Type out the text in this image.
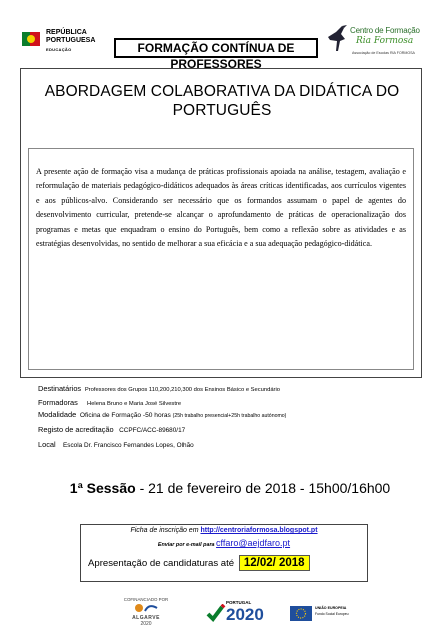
REPÚBLICA
PORTUGUESA
EDUCAÇÃO	FORMAÇÃO CONTÍNUA DE PROFESSORES
Centro de Formação
Ria Formosa
Associação de Escolas RIA FORMOSA
ABORDAGEM COLABORATIVA DA DIDÁTICA DO PORTUGUÊS
A presente ação de formação visa a mudança de práticas profissionais apoiada na análise, testagem, avaliação e reformulação de materiais pedagógico-didáticos adequados às áreas críticas identificadas, aos currículos vigentes e aos públicos-alvo. Considerando ser necessário que os formandos assumam o papel de agentes do desenvolvimento curricular, pretende-se alcançar o aprofundamento de práticas de operacionalização dos programas e metas que enquadram o ensino do Português, bem como a reflexão sobre as atividades e as estratégias desenvolvidas, no sentido de melhorar a sua eficácia e a sua adequação pedagógico-didática.
Destinatários Professores dos Grupos 110,200,210,300 dos Ensinos Básico e Secundário
Formadoras Helena Bruno e Maria José Silvestre
Modalidade Oficina de Formação -50 horas (25h trabalho presencial+25h trabalho autónomo)
Registo de acreditação CCPFC/ACC-89680/17
Local Escola Dr. Francisco Fernandes Lopes, Olhão
1ª Sessão - 21 de fevereiro de 2018 - 15h00/16h00
Ficha de inscrição em http://centroriaformosa.blogspot.pt
Enviar por e-mail para cffaro@aejdfaro.pt
Apresentação de candidaturas até 12/02/ 2018
COFINANCIADO POR
ALGARVE
2020
PORTUGAL
2020	UNIÃO EUROPEIA
Fundo Social Europeu
